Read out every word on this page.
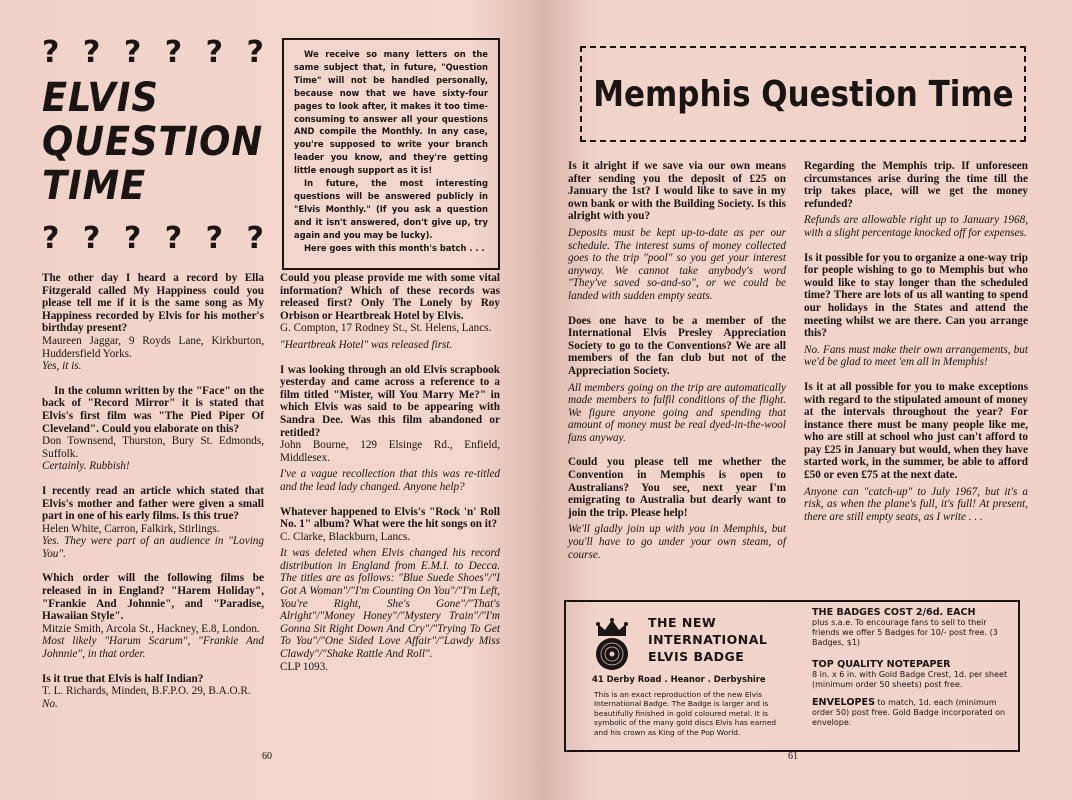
? ? ? ? ? ?
ELVIS
QUESTION
TIME
? ? ? ? ? ?

We receive so many letters on the same subject that, in future, "Question Time" will not be handled personally, because now that we have sixty-four pages to look after, it makes it too time-consuming to answer all your questions AND compile the Monthly. In any case, you're supposed to write your branch leader you know, and they're getting little enough support as it is!

In future, the most interesting questions will be answered publicly in "Elvis Monthly." (If you ask a question and it isn't answered, don't give up, try again and you may be lucky).

Here goes with this month's batch . . .

The other day I heard a record by Ella Fitzgerald called My Happiness could you please tell me if it is the same song as My Happiness recorded by Elvis for his mother's birthday present?

Maureen Jaggar, 9 Royds Lane, Kirkburton, Huddersfield Yorks.

Yes, it is.

In the column written by the "Face" on the back of "Record Mirror" it is stated that Elvis's first film was "The Pied Piper Of Cleveland". Could you elaborate on this?

Don Townsend, Thurston, Bury St. Edmonds, Suffolk.

Certainly. Rubbish!

I recently read an article which stated that Elvis's mother and father were given a small part in one of his early films. Is this true?

Helen White, Carron, Falkirk, Stirlings.

Yes. They were part of an audience in "Loving You".

Which order will the following films be released in in England? "Harem Holiday", "Frankie And Johnnie", and "Paradise, Hawaiian Style".

Mitzie Smith, Arcola St., Hackney, E.8, London.

Most likely "Harum Scarum", "Frankie And Johnnie", in that order.

Is it true that Elvis is half Indian?

T. L. Richards, Minden, B.F.P.O. 29, B.A.O.R.

No.

Could you please provide me with some vital information? Which of these records was released first? Only The Lonely by Roy Orbison or Heartbreak Hotel by Elvis.

G. Compton, 17 Rodney St., St. Helens, Lancs.

"Heartbreak Hotel" was released first.

I was looking through an old Elvis scrapbook yesterday and came across a reference to a film titled "Mister, will You Marry Me?" in which Elvis was said to be appearing with Sandra Dee. Was this film abandoned or retitled?

John Bourne, 129 Elsinge Rd., Enfield, Middlesex.

I've a vague recollection that this was re-titled and the lead lady changed. Anyone help?

Whatever happened to Elvis's "Rock 'n' Roll No. 1" album? What were the hit songs on it?

C. Clarke, Blackburn, Lancs.

It was deleted when Elvis changed his record distribution in England from E.M.I. to Decca. The titles are as follows: "Blue Suede Shoes"/"I Got A Woman"/"I'm Counting On You"/"I'm Left, You're Right, She's Gone"/"That's Alright"/"Money Honey"/"Mystery Train"/"I'm Gonna Sit Right Down And Cry"/"Trying To Get To You"/"One Sided Love Affair"/"Lawdy Miss Clawdy"/"Shake Rattle And Roll".

CLP 1093.

60
Memphis Question Time

Is it alright if we save via our own means after sending you the deposit of £25 on January the 1st? I would like to save in my own bank or with the Building Society. Is this alright with you?

Deposits must be kept up-to-date as per our schedule. The interest sums of money collected goes to the trip "pool" so you get your interest anyway. We cannot take anybody's word "They've saved so-and-so", or we could be landed with sudden empty seats.

Does one have to be a member of the International Elvis Presley Appreciation Society to go to the Conventions? We are all members of the fan club but not of the Appreciation Society.

All members going on the trip are automatically made members to fulfil conditions of the flight. We figure anyone going and spending that amount of money must be real dyed-in-the-wool fans anyway.

Could you please tell me whether the Convention in Memphis is open to Australians? You see, next year I'm emigrating to Australia but dearly want to join the trip. Please help!

We'll gladly join up with you in Memphis, but you'll have to go under your own steam, of course.

Regarding the Memphis trip. If unforeseen circumstances arise during the time till the trip takes place, will we get the money refunded?

Refunds are allowable right up to January 1968, with a slight percentage knocked off for expenses.

Is it possible for you to organize a one-way trip for people wishing to go to Memphis but who would like to stay longer than the scheduled time? There are lots of us all wanting to spend our holidays in the States and attend the meeting whilst we are there. Can you arrange this?

No. Fans must make their own arrangements, but we'd be glad to meet 'em all in Memphis!

Is it at all possible for you to make exceptions with regard to the stipulated amount of money at the intervals throughout the year? For instance there must be many people like me, who are still at school who just can't afford to pay £25 in January but would, when they have started work, in the summer, be able to afford £50 or even £75 at the next date.

Anyone can "catch-up" to July 1967, but it's a risk, as when the plane's full, it's full! At present, there are still empty seats, as I write . . .

THE NEW
INTERNATIONAL
ELVIS BADGE
41 Derby Road . Heanor . Derbyshire
This is an exact reproduction of the new Elvis International Badge. The Badge is larger and is beautifully finished in gold coloured metal. It is symbolic of the many gold discs Elvis has earned and his crown as King of the Pop World.

THE BADGES COST 2/6d. EACH

plus s.a.e. To encourage fans to sell to their friends we offer 5 Badges for 10/- post free. (3 Badges, $1)

TOP QUALITY NOTEPAPER

8 in. x 6 in. with Gold Badge Crest, 1d. per sheet (minimum order 50 sheets) post free.

ENVELOPES to match, 1d. each (minimum order 50) post free. Gold Badge incorporated on envelope.

61
